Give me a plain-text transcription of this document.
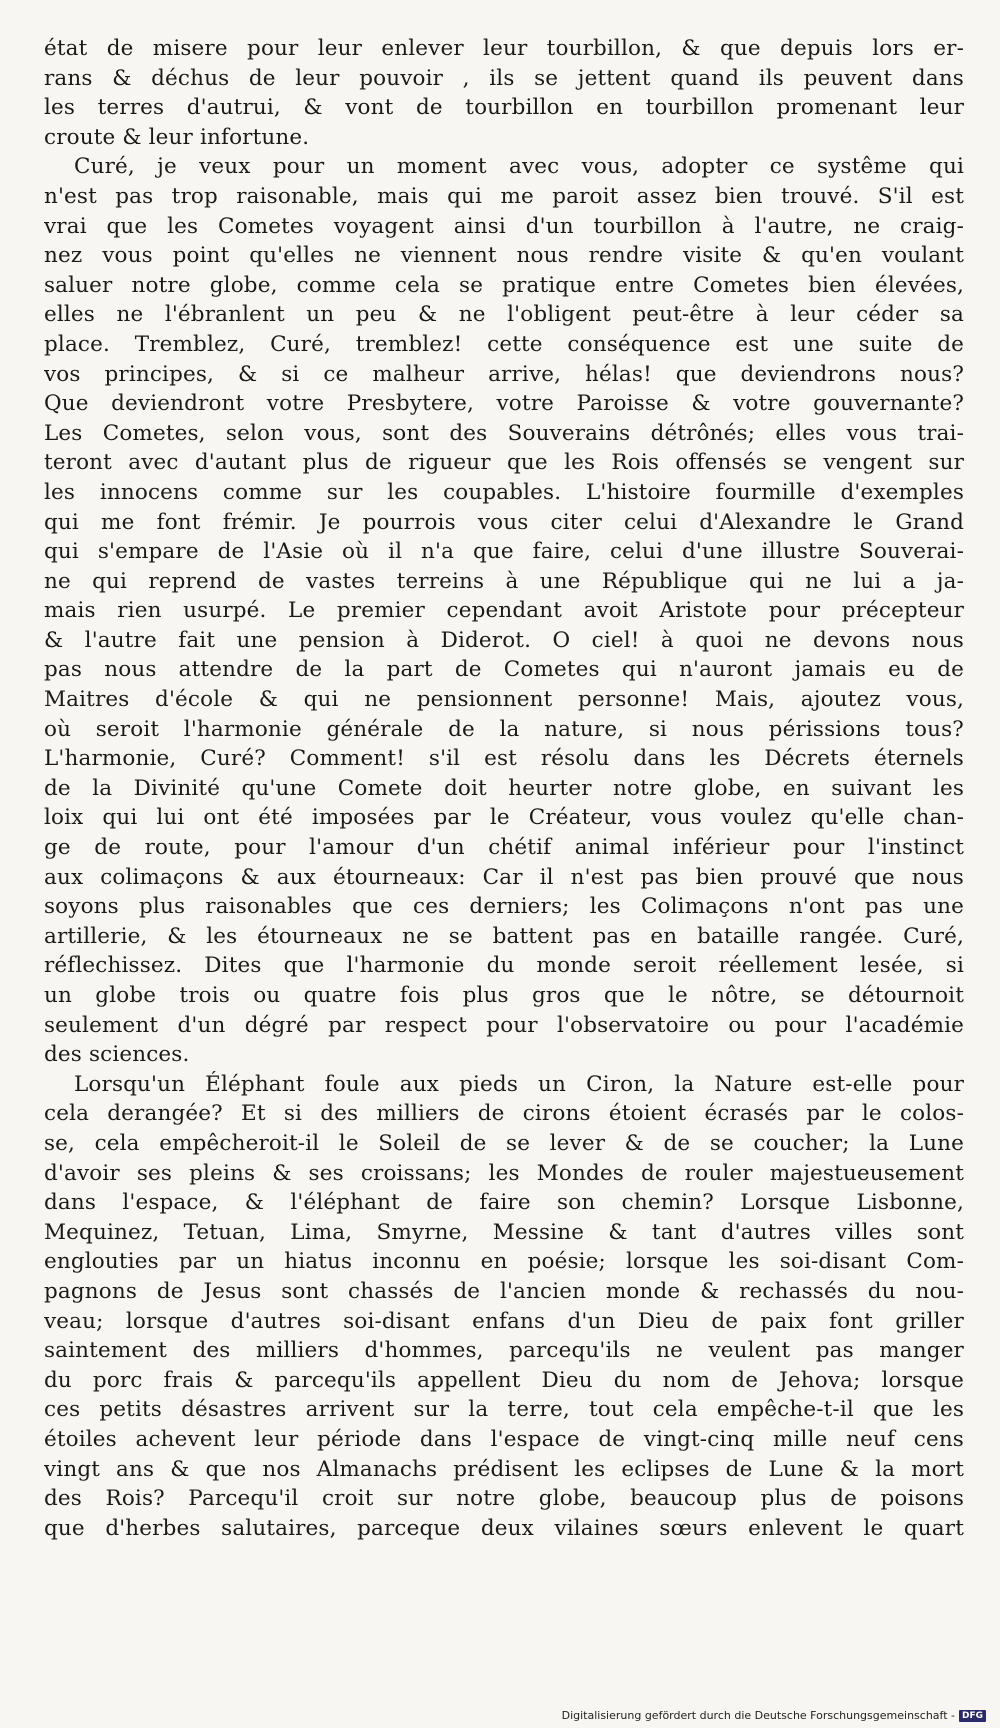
état de misere pour leur enlever leur tourbillon, & que depuis lors er-
rans & déchus de leur pouvoir , ils se jettent quand ils peuvent dans
les terres d'autrui, & vont de tourbillon en tourbillon promenant leur
croute & leur infortune.
Curé, je veux pour un moment avec vous, adopter ce systême qui
n'est pas trop raisonable, mais qui me paroit assez bien trouvé. S'il est
vrai que les Cometes voyagent ainsi d'un tourbillon à l'autre, ne craig-
nez vous point qu'elles ne viennent nous rendre visite & qu'en voulant
saluer notre globe, comme cela se pratique entre Cometes bien élevées,
elles ne l'ébranlent un peu & ne l'obligent peut-être à leur céder sa
place. Tremblez, Curé, tremblez! cette conséquence est une suite de
vos principes, & si ce malheur arrive, hélas! que deviendrons nous?
Que deviendront votre Presbytere, votre Paroisse & votre gouvernante?
Les Cometes, selon vous, sont des Souverains détrônés; elles vous trai-
teront avec d'autant plus de rigueur que les Rois offensés se vengent sur
les innocens comme sur les coupables. L'histoire fourmille d'exemples
qui me font frémir. Je pourrois vous citer celui d'Alexandre le Grand
qui s'empare de l'Asie où il n'a que faire, celui d'une illustre Souverai-
ne qui reprend de vastes terreins à une République qui ne lui a ja-
mais rien usurpé. Le premier cependant avoit Aristote pour précepteur
& l'autre fait une pension à Diderot. O ciel! à quoi ne devons nous
pas nous attendre de la part de Cometes qui n'auront jamais eu de
Maitres d'école & qui ne pensionnent personne! Mais, ajoutez vous,
où seroit l'harmonie générale de la nature, si nous périssions tous?
L'harmonie, Curé? Comment! s'il est résolu dans les Décrets éternels
de la Divinité qu'une Comete doit heurter notre globe, en suivant les
loix qui lui ont été imposées par le Créateur, vous voulez qu'elle chan-
ge de route, pour l'amour d'un chétif animal inférieur pour l'instinct
aux colimaçons & aux étourneaux: Car il n'est pas bien prouvé que nous
soyons plus raisonables que ces derniers; les Colimaçons n'ont pas une
artillerie, & les étourneaux ne se battent pas en bataille rangée. Curé,
réflechissez. Dites que l'harmonie du monde seroit réellement lesée, si
un globe trois ou quatre fois plus gros que le nôtre, se détournoit
seulement d'un dégré par respect pour l'observatoire ou pour l'académie
des sciences.
Lorsqu'un Éléphant foule aux pieds un Ciron, la Nature est-elle pour
cela derangée? Et si des milliers de cirons étoient écrasés par le colos-
se, cela empêcheroit-il le Soleil de se lever & de se coucher; la Lune
d'avoir ses pleins & ses croissans; les Mondes de rouler majestueusement
dans l'espace, & l'éléphant de faire son chemin? Lorsque Lisbonne,
Mequinez, Tetuan, Lima, Smyrne, Messine & tant d'autres villes sont
englouties par un hiatus inconnu en poésie; lorsque les soi-disant Com-
pagnons de Jesus sont chassés de l'ancien monde & rechassés du nou-
veau; lorsque d'autres soi-disant enfans d'un Dieu de paix font griller
saintement des milliers d'hommes, parcequ'ils ne veulent pas manger
du porc frais & parcequ'ils appellent Dieu du nom de Jehova; lorsque
ces petits désastres arrivent sur la terre, tout cela empêche-t-il que les
étoiles achevent leur période dans l'espace de vingt-cinq mille neuf cens
vingt ans & que nos Almanachs prédisent les eclipses de Lune & la mort
des Rois? Parcequ'il croit sur notre globe, beaucoup plus de poisons
que d'herbes salutaires, parceque deux vilaines sœurs enlevent le quart
Digitalisierung gefördert durch die Deutsche Forschungsgemeinschaft - DFG
